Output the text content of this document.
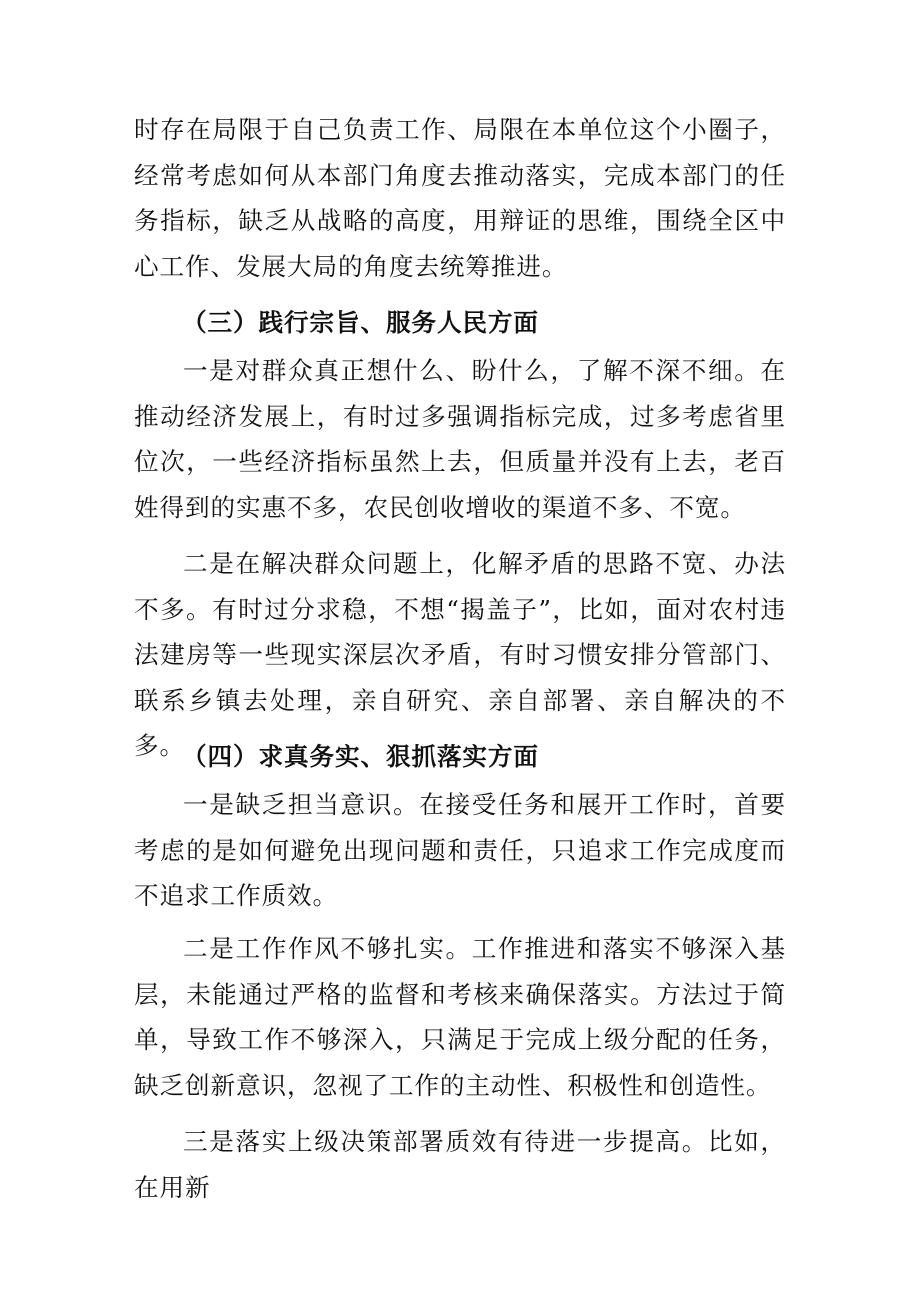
时存在局限于自己负责工作、局限在本单位这个小圈子，经常考虑如何从本部门角度去推动落实，完成本部门的任务指标，缺乏从战略的高度，用辩证的思维，围绕全区中心工作、发展大局的角度去统筹推进。

（三）践行宗旨、服务人民方面

一是对群众真正想什么、盼什么，了解不深不细。在推动经济发展上，有时过多强调指标完成，过多考虑省里位次，一些经济指标虽然上去，但质量并没有上去，老百姓得到的实惠不多，农民创收增收的渠道不多、不宽。

二是在解决群众问题上，化解矛盾的思路不宽、办法不多。有时过分求稳，不想“揭盖子”，比如，面对农村违法建房等一些现实深层次矛盾，有时习惯安排分管部门、联系乡镇去处理，亲自研究、亲自部署、亲自解决的不多。

（四）求真务实、狠抓落实方面

一是缺乏担当意识。在接受任务和展开工作时，首要考虑的是如何避免出现问题和责任，只追求工作完成度而不追求工作质效。

二是工作作风不够扎实。工作推进和落实不够深入基层，未能通过严格的监督和考核来确保落实。方法过于简单，导致工作不够深入，只满足于完成上级分配的任务，缺乏创新意识，忽视了工作的主动性、积极性和创造性。

三是落实上级决策部署质效有待进一步提高。比如，在用新
